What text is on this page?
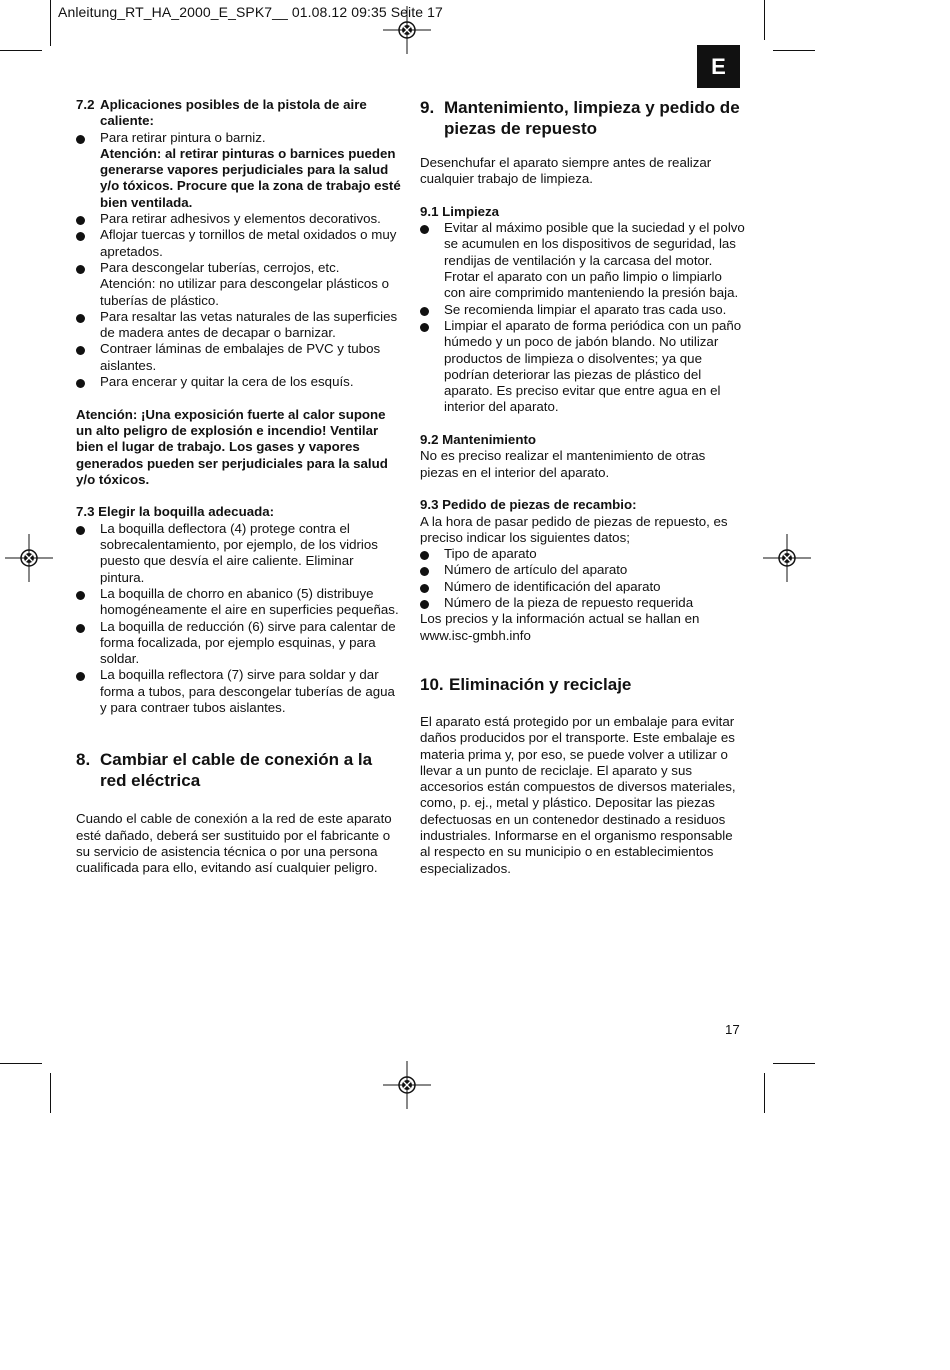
Anleitung_RT_HA_2000_E_SPK7__ 01.08.12 09:35 Seite 17
E
7.2 Aplicaciones posibles de la pistola de aire caliente:
Para retirar pintura o barniz.
Atención: al retirar pinturas o barnices pueden generarse vapores perjudiciales para la salud y/o tóxicos. Procure que la zona de trabajo esté bien ventilada.
Para retirar adhesivos y elementos decorativos.
Aflojar tuercas y tornillos de metal oxidados o muy apretados.
Para descongelar tuberías, cerrojos, etc.
Atención: no utilizar para descongelar plásticos o tuberías de plástico.
Para resaltar las vetas naturales de las superficies de madera antes de decapar o barnizar.
Contraer láminas de embalajes de PVC y tubos aislantes.
Para encerar y quitar la cera de los esquís.

Atención: ¡Una exposición fuerte al calor supone un alto peligro de explosión e incendio! Ventilar bien el lugar de trabajo. Los gases y vapores generados pueden ser perjudiciales para la salud y/o tóxicos.

7.3 Elegir la boquilla adecuada:

La boquilla deflectora (4) protege contra el sobrecalentamiento, por ejemplo, de los vidrios puesto que desvía el aire caliente. Eliminar pintura.
La boquilla de chorro en abanico (5) distribuye homogéneamente el aire en superficies pequeñas.
La boquilla de reducción (6) sirve para calentar de forma focalizada, por ejemplo esquinas, y para soldar.
La boquilla reflectora (7) sirve para soldar y dar forma a tubos, para descongelar tuberías de agua y para contraer tubos aislantes.
8. Cambiar el cable de conexión a la red eléctrica

Cuando el cable de conexión a la red de este aparato esté dañado, deberá ser sustituido por el fabricante o su servicio de asistencia técnica o por una persona cualificada para ello, evitando así cualquier peligro.

9. Mantenimiento, limpieza y pedido de piezas de repuesto

Desenchufar el aparato siempre antes de realizar cualquier trabajo de limpieza.

9.1 Limpieza

Evitar al máximo posible que la suciedad y el polvo se acumulen en los dispositivos de seguridad, las rendijas de ventilación y la carcasa del motor. Frotar el aparato con un paño limpio o limpiarlo con aire comprimido manteniendo la presión baja.
Se recomienda limpiar el aparato tras cada uso.
Limpiar el aparato de forma periódica con un paño húmedo y un poco de jabón blando. No utilizar productos de limpieza o disolventes; ya que podrían deteriorar las piezas de plástico del aparato. Es preciso evitar que entre agua en el interior del aparato.

9.2 Mantenimiento

No es preciso realizar el mantenimiento de otras piezas en el interior del aparato.

9.3 Pedido de piezas de recambio:

A la hora de pasar pedido de piezas de repuesto, es preciso indicar los siguientes datos;

Tipo de aparato
Número de artículo del aparato
Número de identificación del aparato
Número de la pieza de repuesto requerida

Los precios y la información actual se hallan en www.isc-gmbh.info

10. Eliminación y reciclaje

El aparato está protegido por un embalaje para evitar daños producidos por el transporte. Este embalaje es materia prima y, por eso, se puede volver a utilizar o llevar a un punto de reciclaje. El aparato y sus accesorios están compuestos de diversos materiales, como, p. ej., metal y plástico. Depositar las piezas defectuosas en un contenedor destinado a residuos industriales. Informarse en el organismo responsable al respecto en su municipio o en establecimientos especializados.

17
